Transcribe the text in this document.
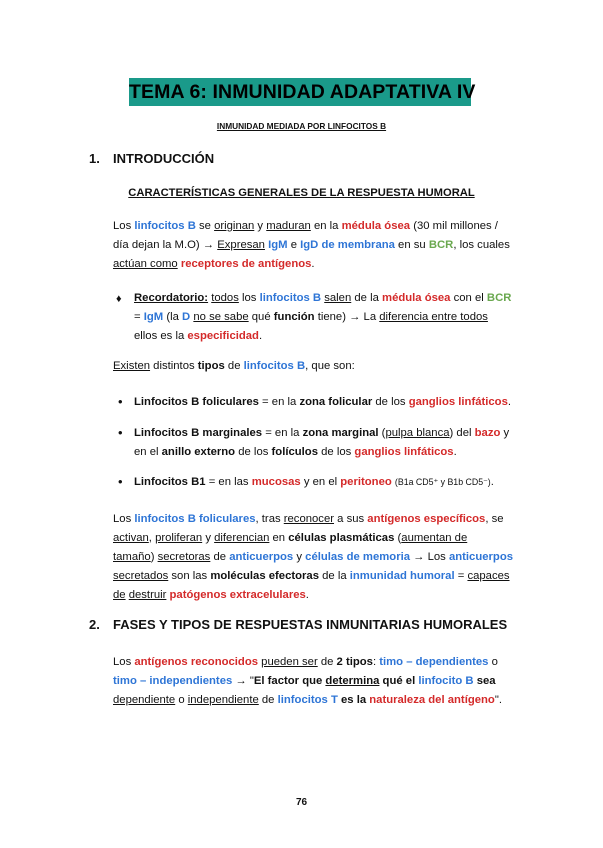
TEMA 6: INMUNIDAD ADAPTATIVA IV
INMUNIDAD MEDIADA POR LINFOCITOS B
1. INTRODUCCIÓN
CARACTERÍSTICAS GENERALES DE LA RESPUESTA HUMORAL
Los linfocitos B se originan y maduran en la médula ósea (30 mil millones /
día dejan la M.O) → Expresan IgM e IgD de membrana en su BCR, los cuales
actúan como receptores de antígenos.
♦ Recordatorio: todos los linfocitos B salen de la médula ósea con el BCR
= IgM (la D no se sabe qué función tiene) → La diferencia entre todos
ellos es la especificidad.
Existen distintos tipos de linfocitos B, que son:
• Linfocitos B foliculares = en la zona folicular de los ganglios linfáticos.
• Linfocitos B marginales = en la zona marginal (pulpa blanca) del bazo y
en el anillo externo de los folículos de los ganglios linfáticos.
• Linfocitos B1 = en las mucosas y en el peritoneo (B1a CD5⁺ y B1b CD5⁻).
Los linfocitos B foliculares, tras reconocer a sus antígenos específicos, se
activan, proliferan y diferencian en células plasmáticas (aumentan de
tamaño) secretoras de anticuerpos y células de memoria → Los anticuerpos
secretados son las moléculas efectoras de la inmunidad humoral = capaces
de destruir patógenos extracelulares.
2. FASES Y TIPOS DE RESPUESTAS INMUNITARIAS HUMORALES
Los antígenos reconocidos pueden ser de 2 tipos: timo – dependientes o
timo – independientes → "El factor que determina qué el linfocito B sea
dependiente o independiente de linfocitos T es la naturaleza del antígeno".
76
